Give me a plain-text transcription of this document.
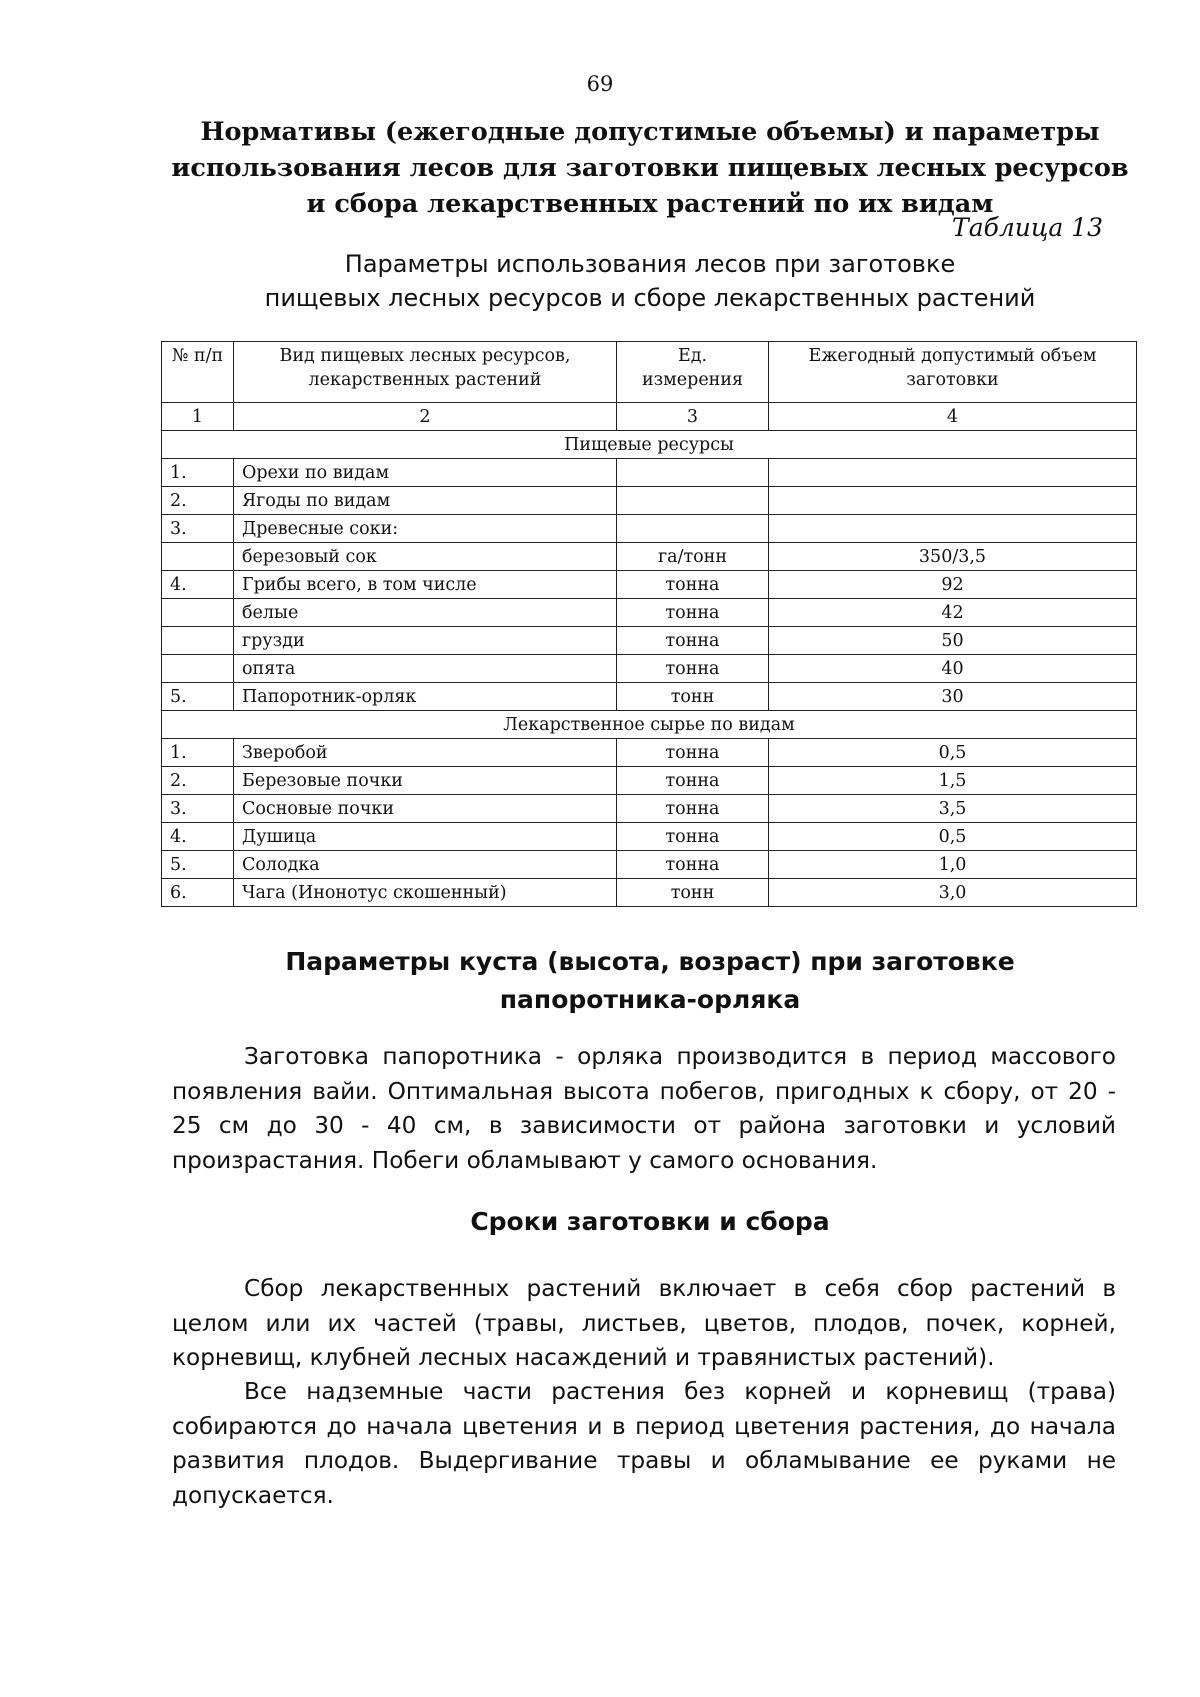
69
Нормативы (ежегодные допустимые объемы) и параметры использования лесов для заготовки пищевых лесных ресурсов и сбора лекарственных растений по их видам
Таблица 13
Параметры использования лесов при заготовке
пищевых лесных ресурсов и сборе лекарственных растений
№ п/п	Вид пищевых лесных ресурсов, лекарственных растений	Ед. измерения	Ежегодный допустимый объем заготовки
1	2	3	4
Пищевые ресурсы			
1.	Орехи по видам		
2.	Ягоды по видам		
3.	Древесные соки:		
	березовый сок	га/тонн	350/3,5
4.	Грибы всего, в том числе	тонна	92
	белые	тонна	42
	грузди	тонна	50
	опята	тонна	40
5.	Папоротник-орляк	тонн	30
Лекарственное сырье по видам			
1.	Зверобой	тонна	0,5
2.	Березовые почки	тонна	1,5
3.	Сосновые почки	тонна	3,5
4.	Душица	тонна	0,5
5.	Солодка	тонна	1,0
6.	Чага (Инонотус скошенный)	тонн	3,0
Параметры куста (высота, возраст) при заготовке
папоротника-орляка

Заготовка папоротника - орляка производится в период массового появления вайи. Оптимальная высота побегов, пригодных к сбору, от 20 - 25 см до 30 - 40 см, в зависимости от района заготовки и условий произрастания. Побеги обламывают у самого основания.

Сроки заготовки и сбора

Сбор лекарственных растений включает в себя сбор растений в целом или их частей (травы, листьев, цветов, плодов, почек, корней, корневищ, клубней лесных насаждений и травянистых растений).

Все надземные части растения без корней и корневищ (трава) собираются до начала цветения и в период цветения растения, до начала развития плодов. Выдергивание травы и обламывание ее руками не допускается.
